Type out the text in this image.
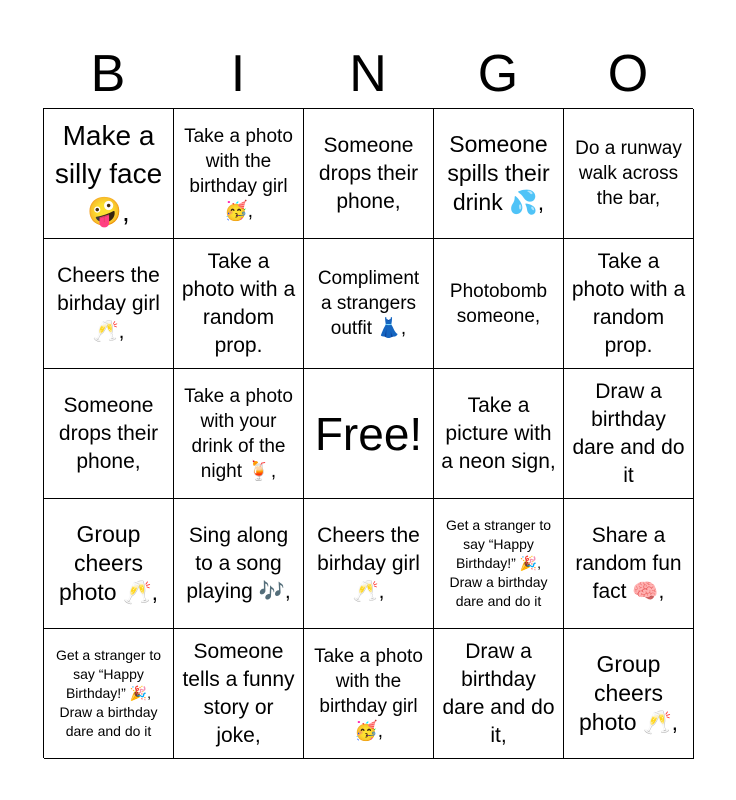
B	I	N	G	O
Make a silly face🤪,
Take a photo with the birthday girl 🥳,
Someone drops their phone,
Someone spills their drink 💦,
Do a runway walk across the bar,
Cheers the birhday girl 🥂,
Take a photo with a random prop.
Compliment a strangers outfit 👗,
Photobomb someone,
Take a photo with a random prop.
Someone drops their phone,
Take a photo with your drink of the night 🍹,
Free!
Take a picture with a neon sign,
Draw a birthday dare and do it
Group cheers photo 🥂,
Sing along to a song playing 🎶,
Cheers the birhday girl 🥂,
Get a stranger to say “Happy Birthday!” 🎉, Draw a birthday dare and do it
Share a random fun fact 🧠,
Get a stranger to say “Happy Birthday!” 🎉, Draw a birthday dare and do it
Someone tells a funny story or joke,
Take a photo with the birthday girl 🥳,
Draw a birthday dare and do it,
Group cheers photo 🥂,
